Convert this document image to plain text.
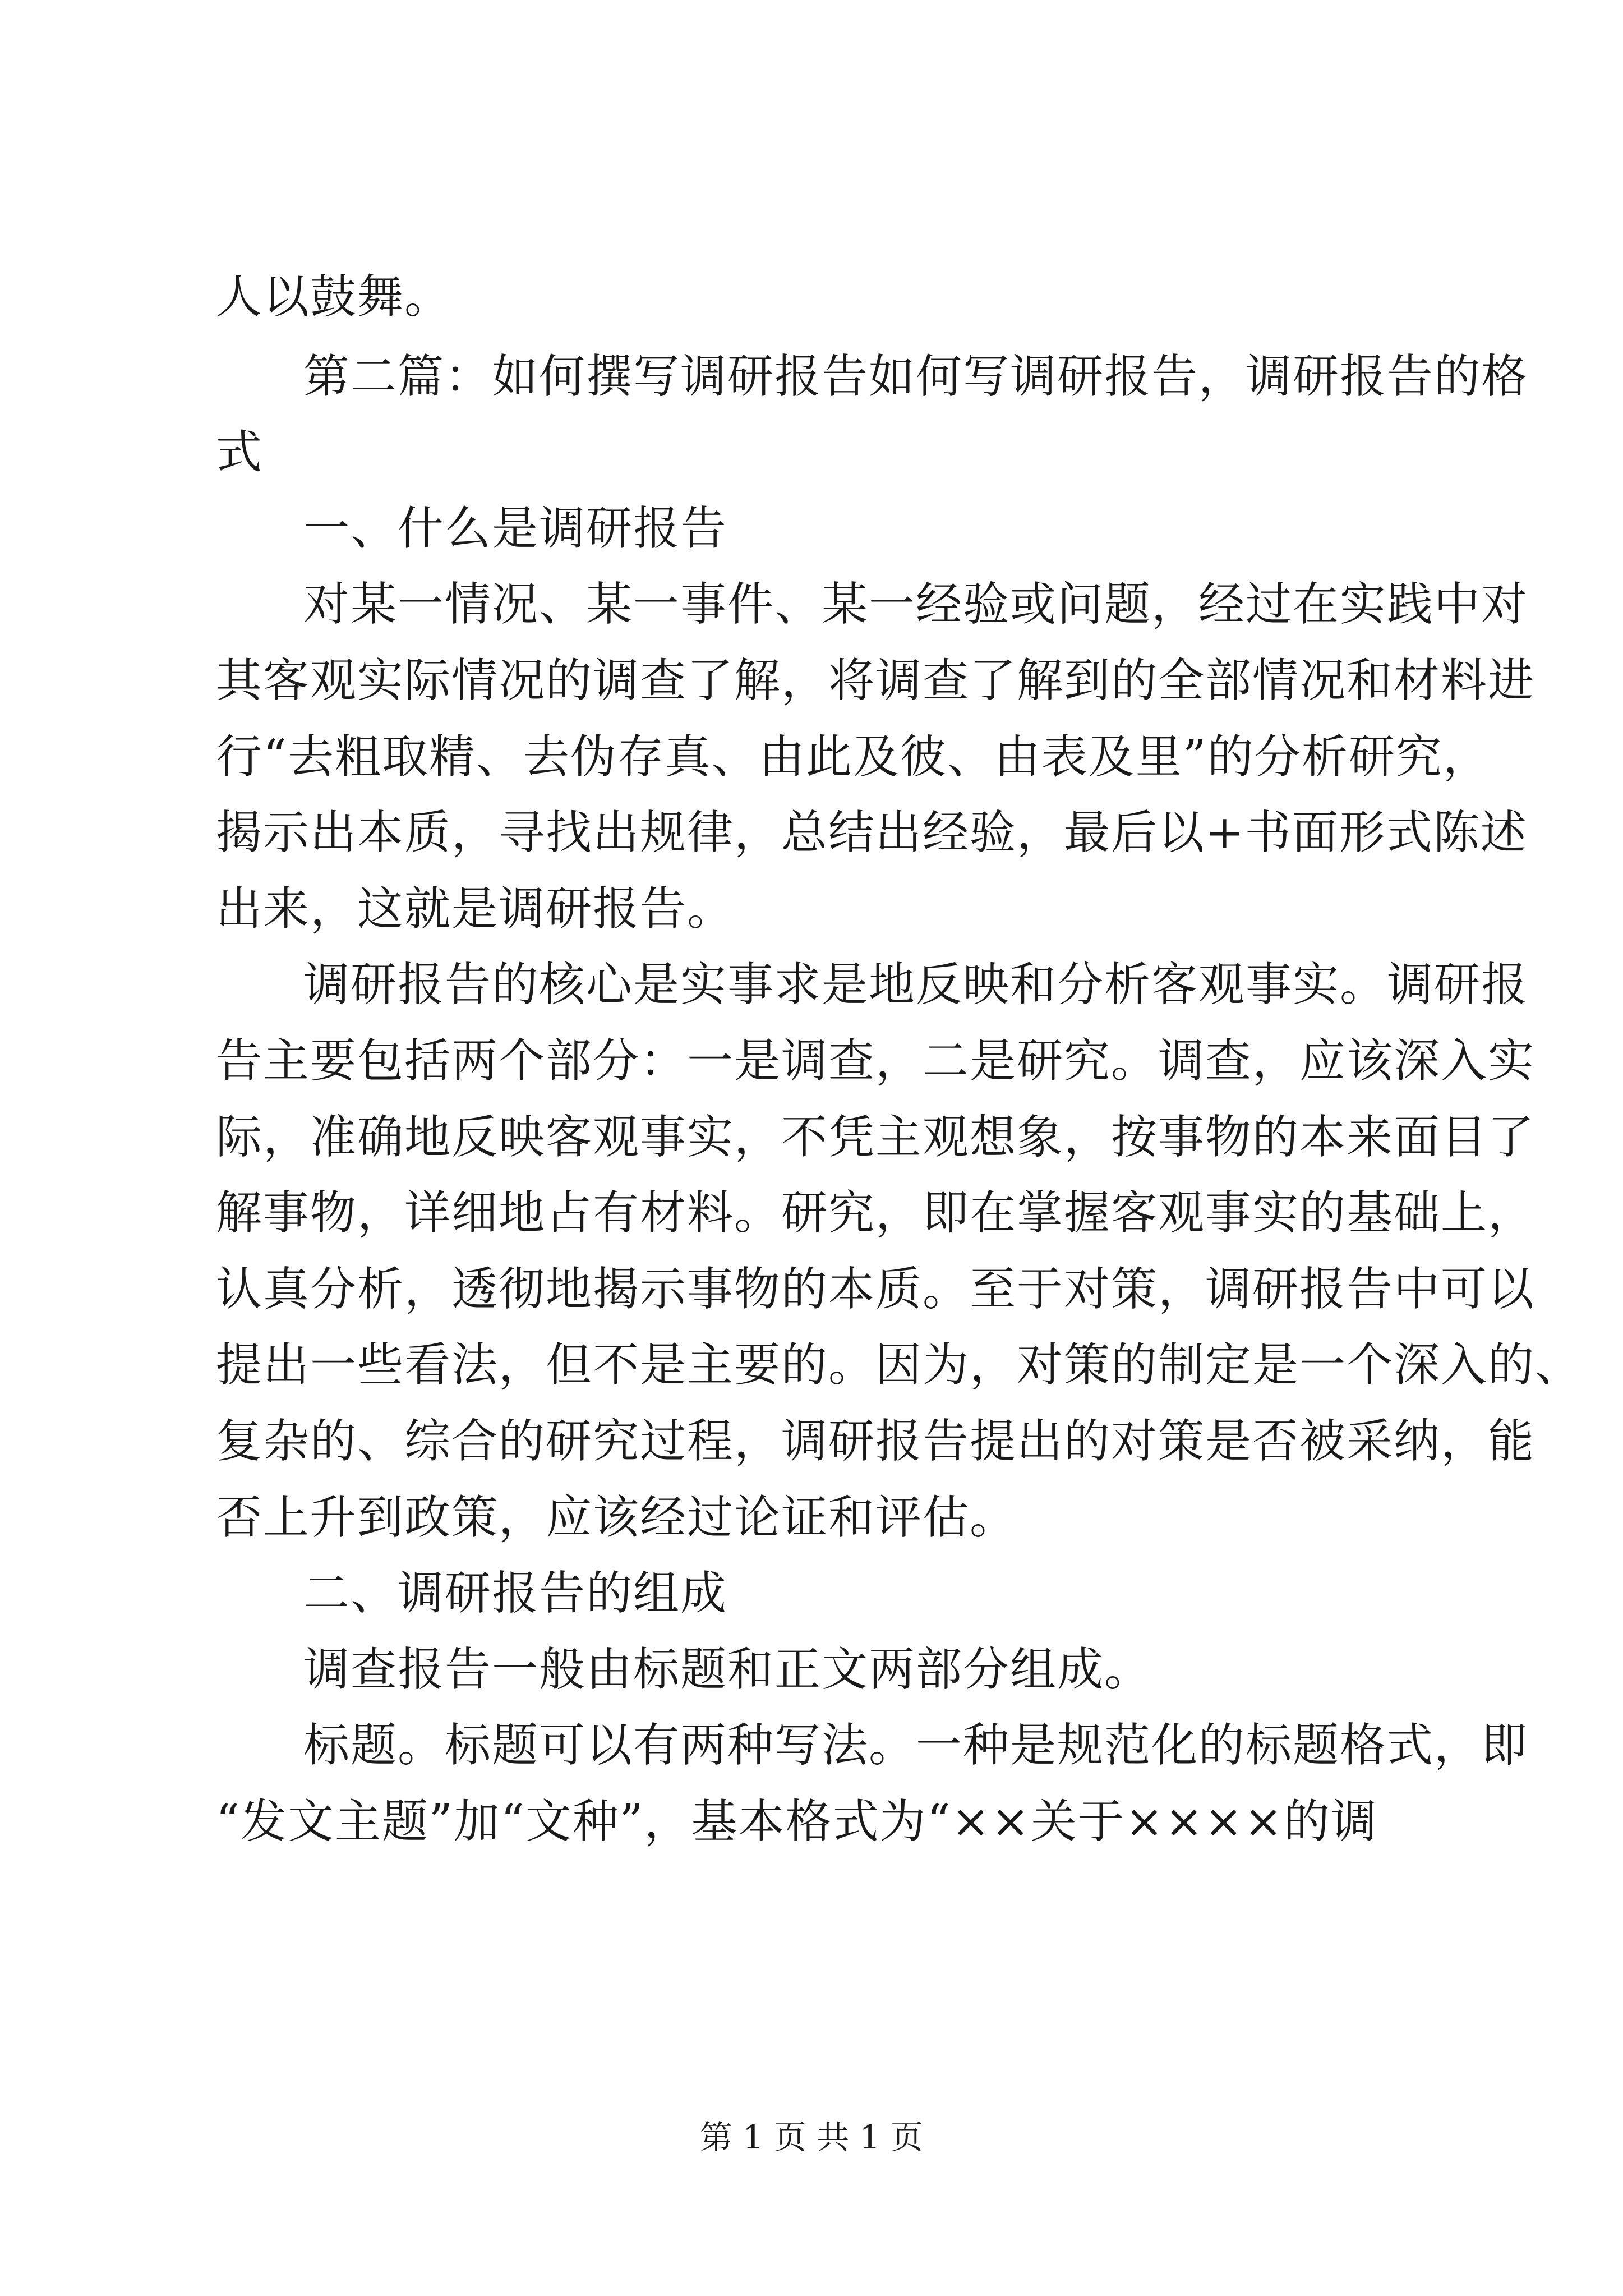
人以鼓舞。
第二篇：如何撰写调研报告如何写调研报告，调研报告的格
式
一、什么是调研报告
对某一情况、某一事件、某一经验或问题，经过在实践中对
其客观实际情况的调查了解，将调查了解到的全部情况和材料进
行“去粗取精、去伪存真、由此及彼、由表及里”的分析研究，
揭示出本质，寻找出规律，总结出经验，最后以+书面形式陈述
出来，这就是调研报告。
调研报告的核心是实事求是地反映和分析客观事实。调研报
告主要包括两个部分：一是调查，二是研究。调查，应该深入实
际，准确地反映客观事实，不凭主观想象，按事物的本来面目了
解事物，详细地占有材料。研究，即在掌握客观事实的基础上，
认真分析，透彻地揭示事物的本质。至于对策，调研报告中可以
提出一些看法，但不是主要的。因为，对策的制定是一个深入的、
复杂的、综合的研究过程，调研报告提出的对策是否被采纳，能
否上升到政策，应该经过论证和评估。
二、调研报告的组成
调查报告一般由标题和正文两部分组成。
标题。标题可以有两种写法。一种是规范化的标题格式，即
“发文主题”加“文种”，基本格式为“××关于××××的调
第 1 页 共 1 页
